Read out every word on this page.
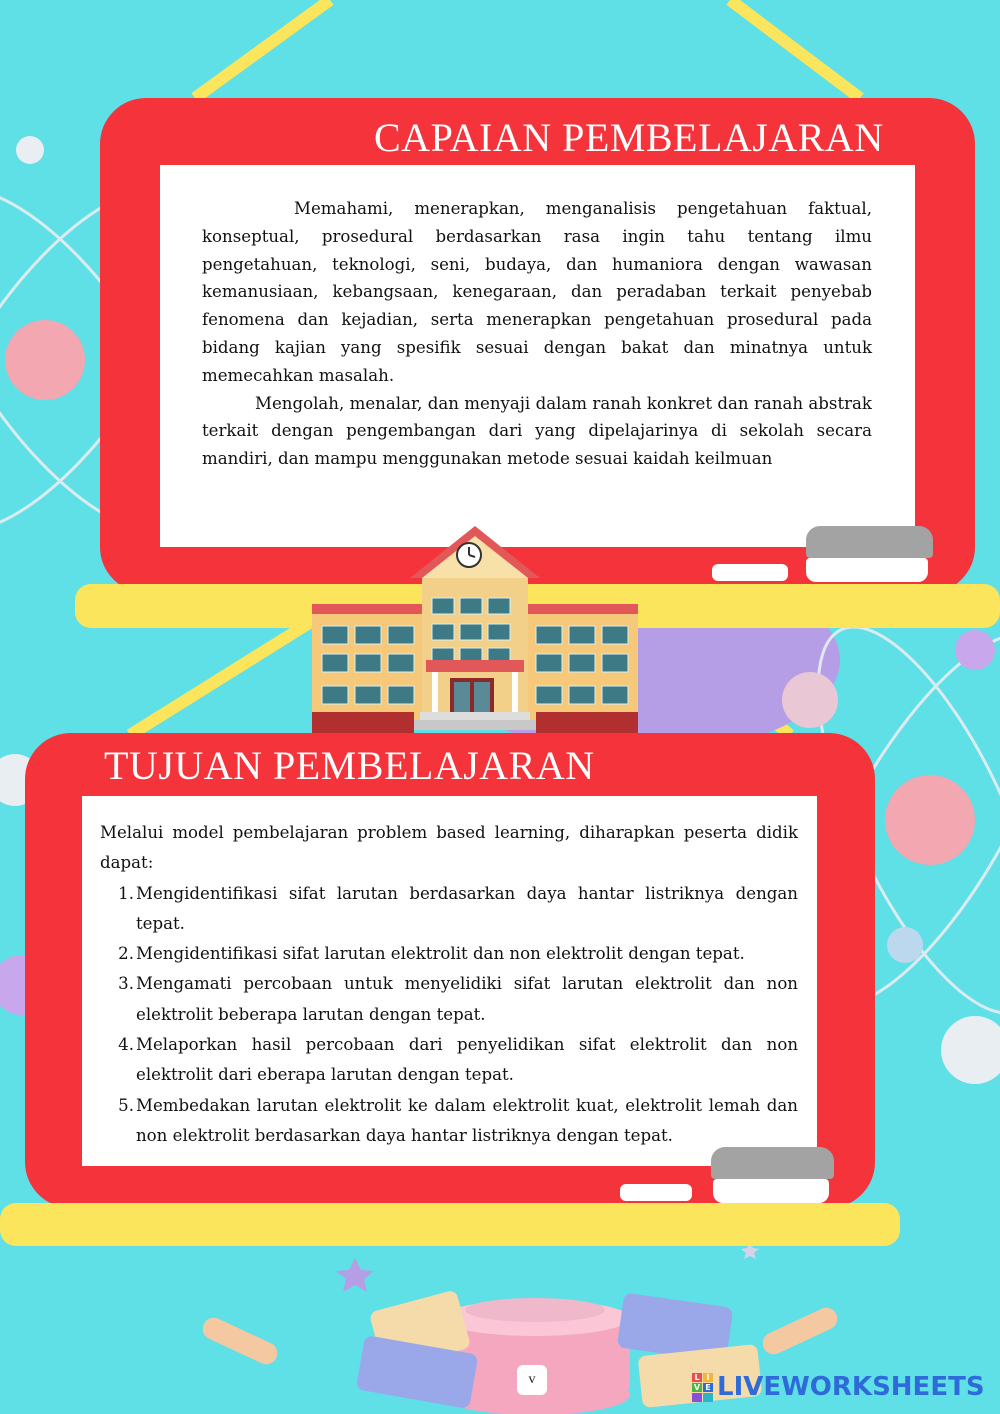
CAPAIAN PEMBELAJARAN

Memahami, menerapkan, menganalisis pengetahuan faktual, konseptual, prosedural berdasarkan rasa ingin tahu tentang ilmu pengetahuan, teknologi, seni, budaya, dan humaniora dengan wawasan kemanusiaan, kebangsaan, kenegaraan, dan peradaban terkait penyebab fenomena dan kejadian, serta menerapkan pengetahuan prosedural pada bidang kajian yang spesifik sesuai dengan bakat dan minatnya untuk memecahkan masalah.

Mengolah, menalar, dan menyaji dalam ranah konkret dan ranah abstrak terkait dengan pengembangan dari yang dipelajarinya di sekolah secara mandiri, dan mampu menggunakan metode sesuai kaidah keilmuan

TUJUAN PEMBELAJARAN

Melalui model pembelajaran problem based learning, diharapkan peserta didik dapat:

1. Mengidentifikasi sifat larutan berdasarkan daya hantar listriknya dengan tepat.
2. Mengidentifikasi sifat larutan elektrolit dan non elektrolit dengan tepat.
3. Mengamati percobaan untuk menyelidiki sifat larutan elektrolit dan non elektrolit beberapa larutan dengan tepat.
4. Melaporkan hasil percobaan dari penyelidikan sifat elektrolit dan non elektrolit dari eberapa larutan dengan tepat.
5. Membedakan larutan elektrolit ke dalam elektrolit kuat, elektrolit lemah dan non elektrolit berdasarkan daya hantar listriknya dengan tepat.
v	L I
V E LIVEWORKSHEETS
